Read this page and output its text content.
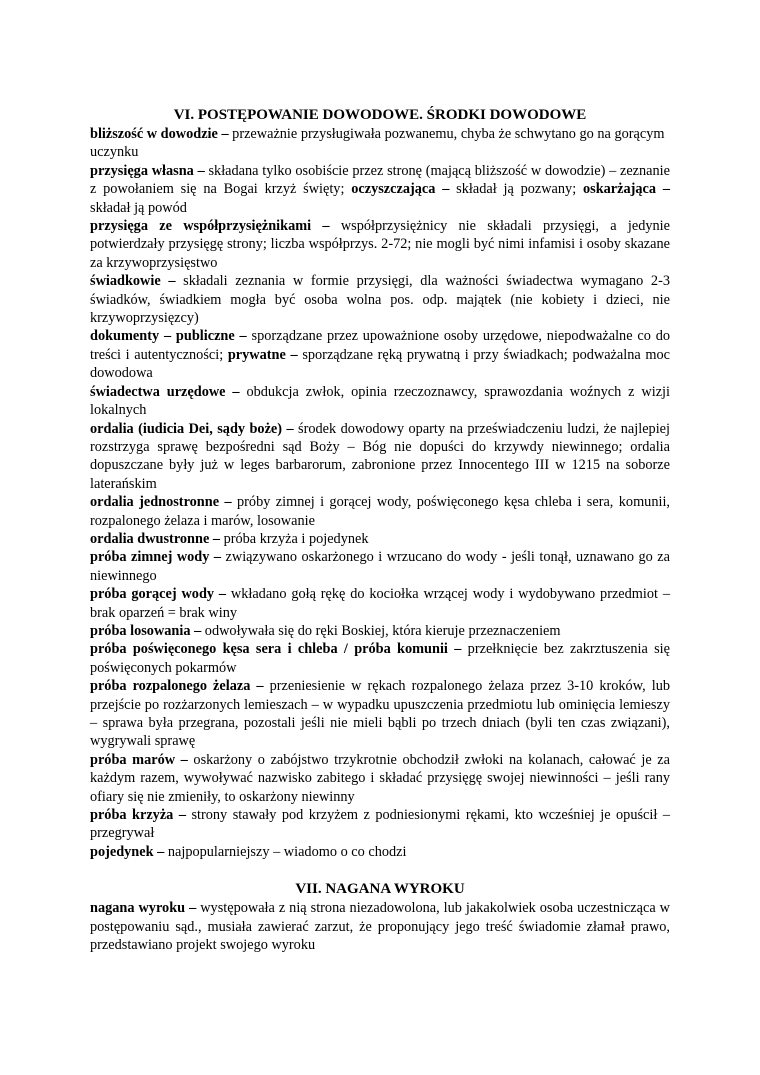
VI. POSTĘPOWANIE DOWODOWE. ŚRODKI DOWODOWE

bliższość w dowodzie – przeważnie przysługiwała pozwanemu, chyba że schwytano go na gorącym uczynku

przysięga własna – składana tylko osobiście przez stronę (mającą bliższość w dowodzie) – zeznanie z powołaniem się na Bogai krzyż święty; oczyszczająca – składał ją pozwany; oskarżająca – składał ją powód

przysięga ze współprzysiężnikami – współprzysiężnicy nie składali przysięgi, a jedynie potwierdzały przysięgę strony; liczba współprzys. 2-72; nie mogli być nimi infamisi i osoby skazane za krzywoprzysięstwo

świadkowie – składali zeznania w formie przysięgi, dla ważności świadectwa wymagano 2-3 świadków, świadkiem mogła być osoba wolna pos. odp. majątek (nie kobiety i dzieci, nie krzywoprzysięzcy)

dokumenty – publiczne – sporządzane przez upoważnione osoby urzędowe, niepodważalne co do treści i autentyczności; prywatne – sporządzane ręką prywatną i przy świadkach; podważalna moc dowodowa

świadectwa urzędowe – obdukcja zwłok, opinia rzeczoznawcy, sprawozdania woźnych z wizji lokalnych

ordalia (iudicia Dei, sądy boże) – środek dowodowy oparty na przeświadczeniu ludzi, że najlepiej rozstrzyga sprawę bezpośredni sąd Boży – Bóg nie dopuści do krzywdy niewinnego; ordalia dopuszczane były już w leges barbarorum, zabronione przez Innocentego III w 1215 na soborze laterańskim

ordalia jednostronne – próby zimnej i gorącej wody, poświęconego kęsa chleba i sera, komunii, rozpalonego żelaza i marów, losowanie

ordalia dwustronne – próba krzyża i pojedynek

próba zimnej wody – związywano oskarżonego i wrzucano do wody - jeśli tonął, uznawano go za niewinnego

próba gorącej wody – wkładano gołą rękę do kociołka wrzącej wody i wydobywano przedmiot – brak oparzeń = brak winy

próba losowania – odwoływała się do ręki Boskiej, która kieruje przeznaczeniem

próba poświęconego kęsa sera i chleba / próba komunii – przełknięcie bez zakrztuszenia się poświęconych pokarmów

próba rozpalonego żelaza – przeniesienie w rękach rozpalonego żelaza przez 3-10 kroków, lub przejście po rozżarzonych lemieszach – w wypadku upuszczenia przedmiotu lub ominięcia lemieszy – sprawa była przegrana, pozostali jeśli nie mieli bąbli po trzech dniach (byli ten czas związani), wygrywali sprawę

próba marów – oskarżony o zabójstwo trzykrotnie obchodził zwłoki na kolanach, całować je za każdym razem, wywoływać nazwisko zabitego i składać przysięgę swojej niewinności – jeśli rany ofiary się nie zmieniły, to oskarżony niewinny

próba krzyża – strony stawały pod krzyżem z podniesionymi rękami, kto wcześniej je opuścił – przegrywał

pojedynek – najpopularniejszy – wiadomo o co chodzi

VII. NAGANA WYROKU

nagana wyroku – występowała z nią strona niezadowolona, lub jakakolwiek osoba uczestnicząca w postępowaniu sąd., musiała zawierać zarzut, że proponujący jego treść świadomie złamał prawo, przedstawiano projekt swojego wyroku
